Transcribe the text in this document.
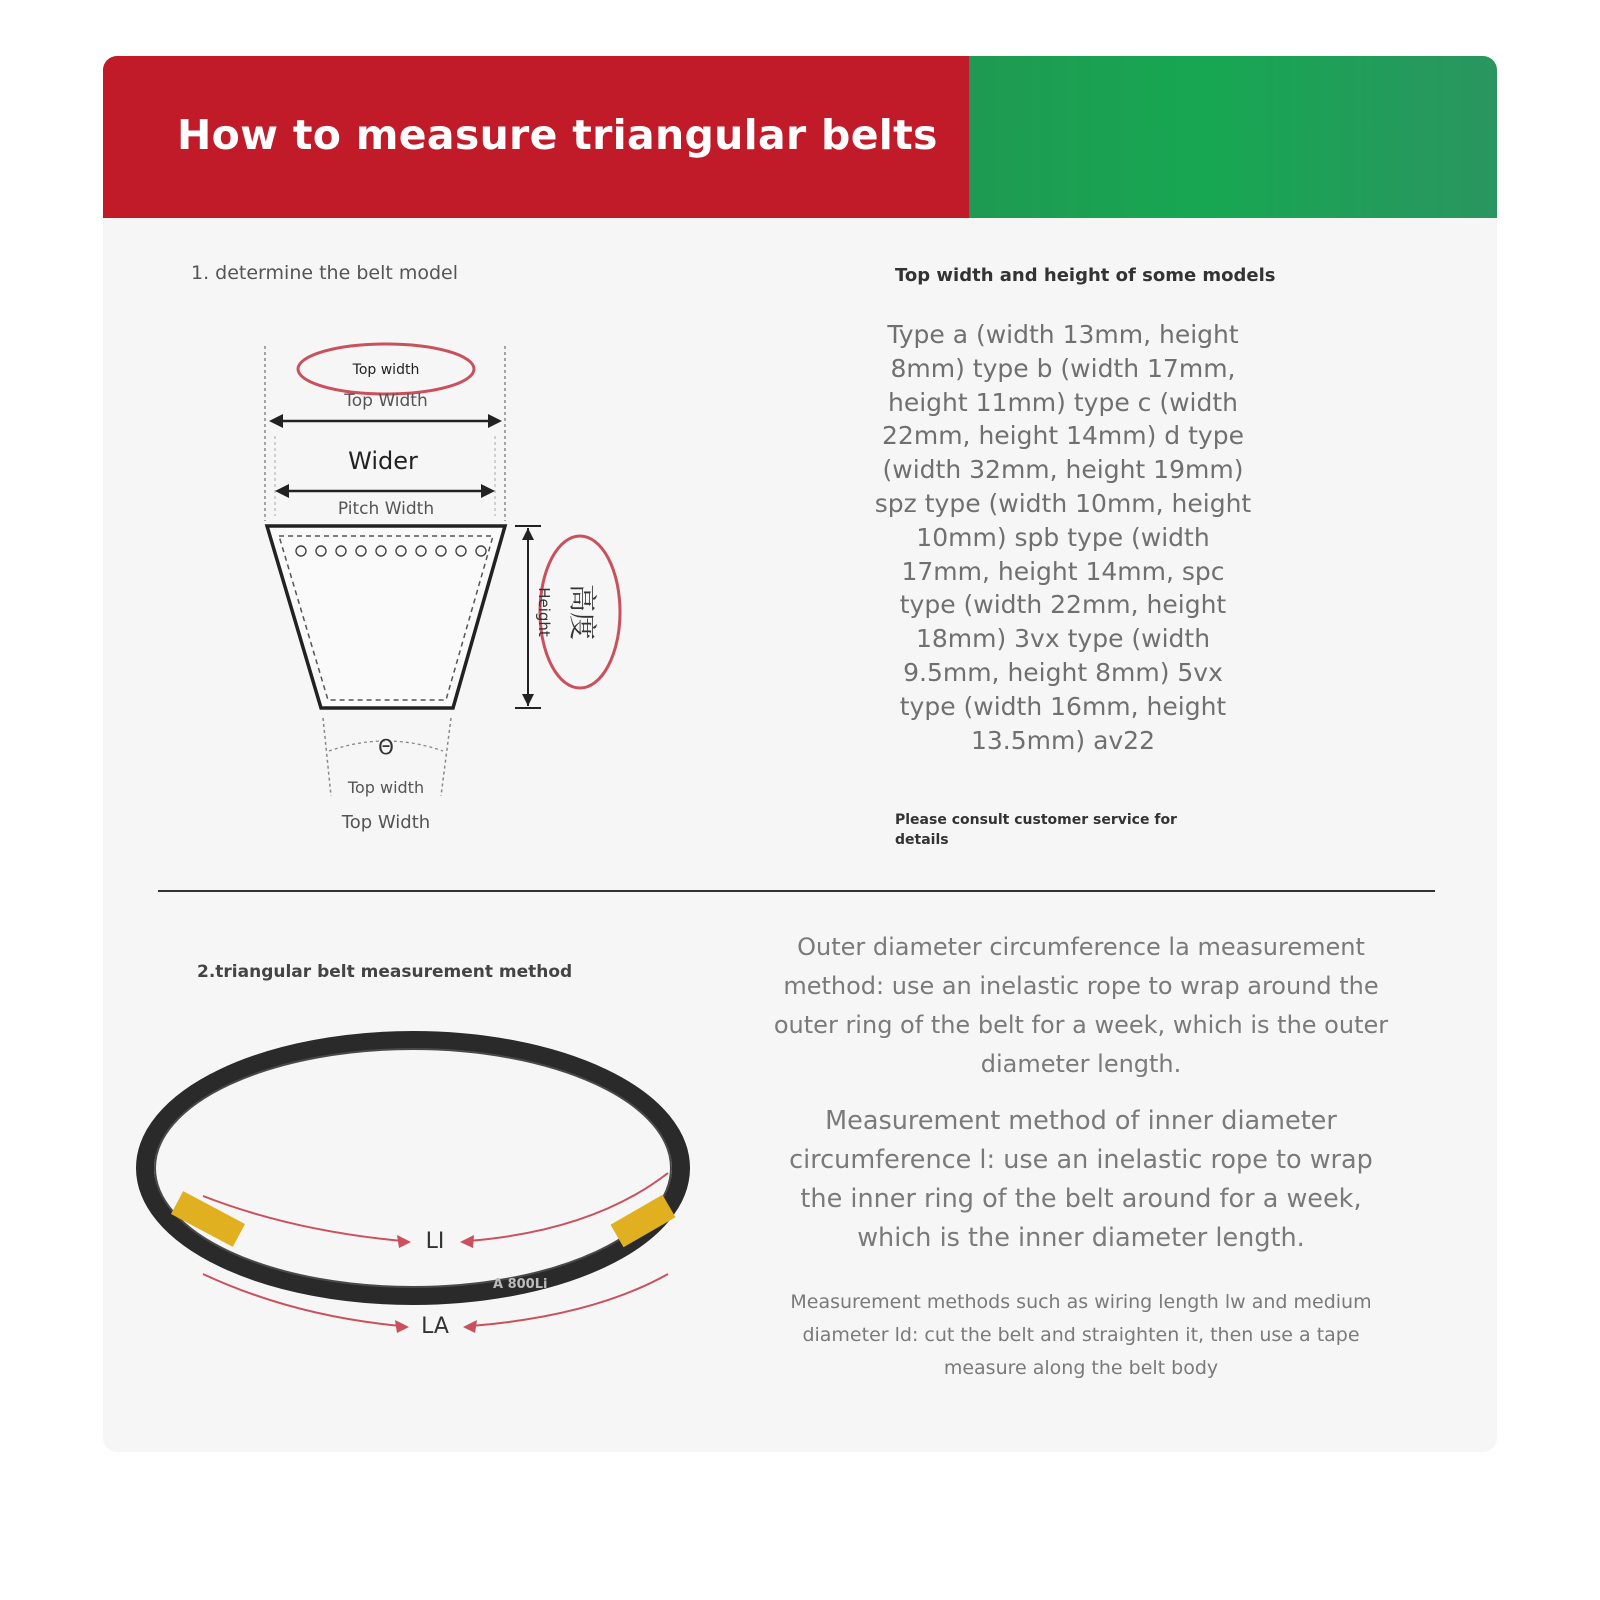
How to measure triangular belts
1. determine the belt model
Top width
Top Width
Wider
Pitch Width
Height 高度
Θ
Top width
Top Width
Top width and height of some models
Type a (width 13mm, height 8mm) type b (width 17mm, height 11mm) type c (width 22mm, height 14mm) d type (width 32mm, height 19mm) spz type (width 10mm, height 10mm) spb type (width 17mm, height 14mm, spc type (width 22mm, height 18mm) 3vx type (width 9.5mm, height 8mm) 5vx type (width 16mm, height 13.5mm) av22
Please consult customer service for details
2.triangular belt measurement method
A 800Li
LI
LA
Outer diameter circumference la measurement method: use an inelastic rope to wrap around the outer ring of the belt for a week, which is the outer diameter length.
Measurement method of inner diameter circumference l: use an inelastic rope to wrap the inner ring of the belt around for a week, which is the inner diameter length.
Measurement methods such as wiring length lw and medium diameter ld: cut the belt and straighten it, then use a tape measure along the belt body
